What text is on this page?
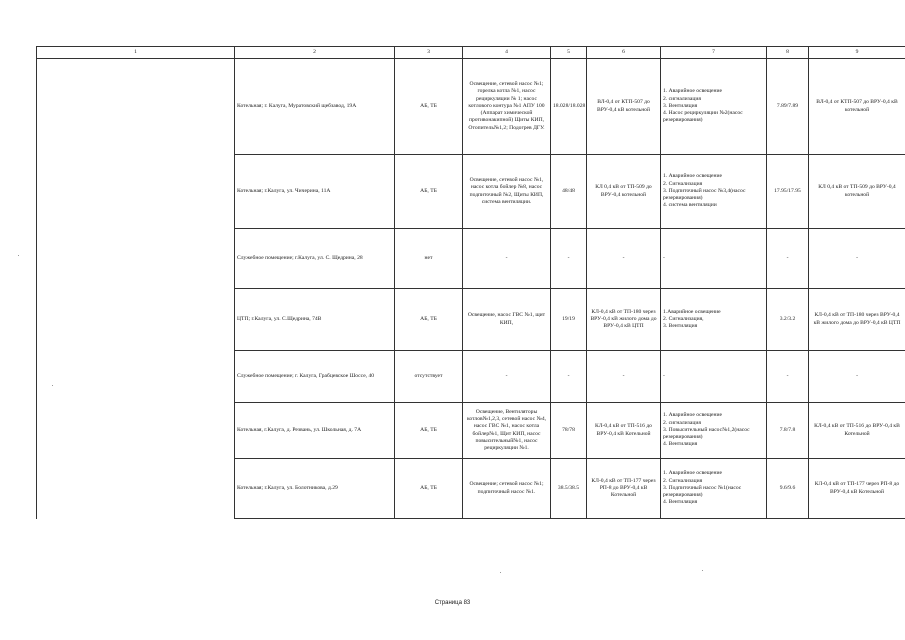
1	2	3	4	5	6	7	8	9
	Котельная; г. Калуга, Муратовский щебзавод, 19А	АБ, ТБ	Освещение, сетевой насос №1; горелка котла №1, насос рециркуляции № 1; насос котлового контура №1 АПУ 100 (Аппарат химической противонакипной) Щиты КИП, Отопитель№1,2; Подогрев ДГУ.	18.028/18.028	ВЛ-0,4 от КТП-507 до ВРУ-0,4 кВ котельной	1. Аварийное освещение
2. сигнализация
3. Вентиляция
4. Насос рециркуляции №2(насос резервирования)	7.89/7.89	ВЛ-0,4 от КТП-507 до ВРУ-0,4 кВ котельной
	Котельная; г.Калуга, ул. Чичерина, 11А	АБ, ТБ	Освещение, сетевой насос №1, насос котла бойлер №8, насос подпиточный №2, Щиты КИП, система вентиляции.	48/48	КЛ 0,4 кВ от ТП-509 до ВРУ-0,4 котельной	1. Аварийное освещение
2. Сигнализация
3. Подпиточный насос №3,4(насос резервирования)
4. система вентиляции	17.95/17.95	КЛ 0,4 кВ от ТП-509 до ВРУ-0,4 котельной
	Служебное помещение; г.Калуга, ул. С. Щедрина, 28	нет	-	-	-	-	-	-
	ЦТП; г.Калуга, ул. С.Щедрина, 74В	АБ, ТБ	Освещение, насос ГВС №1, щит КИП,	19/19	КЛ-0,4 кВ от ТП-180 через ВРУ-0,4 кВ жилого дома до ВРУ-0,4 кВ ЦТП	1.Аварийное освещение
2. Сигнализация,
3. Вентиляция	3.2/3.2	КЛ-0,4 кВ от ТП-180 через ВРУ-0,4 кВ жилого дома до ВРУ-0,4 кВ ЦТП
	Служебное помещение; г. Калуга, Грабцевское Шоссе, 40	отсутствует	-	-	-	-	-	-
	Котельная, г.Калуга, д. Резвань, ул. Школьная, д. 7А	АБ, ТБ	Освещение, Вентиляторы котлов№1,2,3, сетевой насос №4, насос ГВС №1, насос котла бойлер№1, Щит КИП, насос повысительный№1, насос рециркуляции №1.	78/78	КЛ-0,4 кВ от ТП-516 до ВРУ-0,4 кВ Котельной	1. Аварийное освещение
2. сигнализация
3. Повысительный насос№1,2(насос резервирования)
4. Вентиляция	7.8/7.8	КЛ-0,4 кВ от ТП-516 до ВРУ-0,4 кВ Котельной
	Котельная; г.Калуга, ул. Болотникова, д.29	АБ, ТБ	Освещение; сетевой насос №1; подпиточный насос №1.	38.5/38.5	КЛ-0,4 кВ от ТП-177 через РП-8 до ВРУ-0,4 кВ Котельной	1. Аварийное освещение
2. Сигнализация
3. Подпиточный насос №1(насос резервирования)
4. Вентиляция	9.6/9.6	КЛ-0,4 кВ от ТП-177 через РП-8 до ВРУ-0,4 кВ Котельной
Страница 83
